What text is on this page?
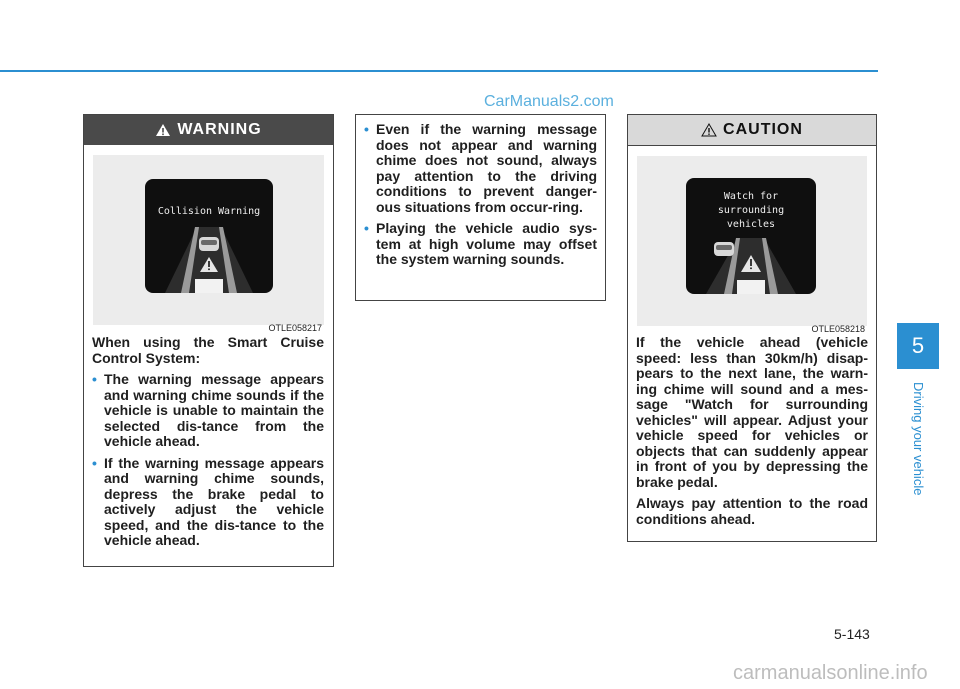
CarManuals2.com
WARNING
Collision Warning
OTLE058217

When using the Smart Cruise Control System:

• The warning message appears and warning chime sounds if the vehicle is unable to maintain the selected dis-tance from the vehicle ahead.
• If the warning message appears and warning chime sounds, depress the brake pedal to actively adjust the vehicle speed, and the dis-tance to the vehicle ahead.
• Even if the warning message does not appear and warning chime does not sound, always pay attention to the driving conditions to prevent danger-ous situations from occur-ring.
• Playing the vehicle audio sys-tem at high volume may offset the system warning sounds.
CAUTION
Watch for
surrounding
vehicles
OTLE058218

If the vehicle ahead (vehicle speed: less than 30km/h) disap-pears to the next lane, the warn-ing chime will sound and a mes-sage "Watch for surrounding vehicles" will appear. Adjust your vehicle speed for vehicles or objects that can suddenly appear in front of you by depressing the brake pedal.

Always pay attention to the road conditions ahead.

5
Driving your vehicle
5-143
carmanualsonline.info
